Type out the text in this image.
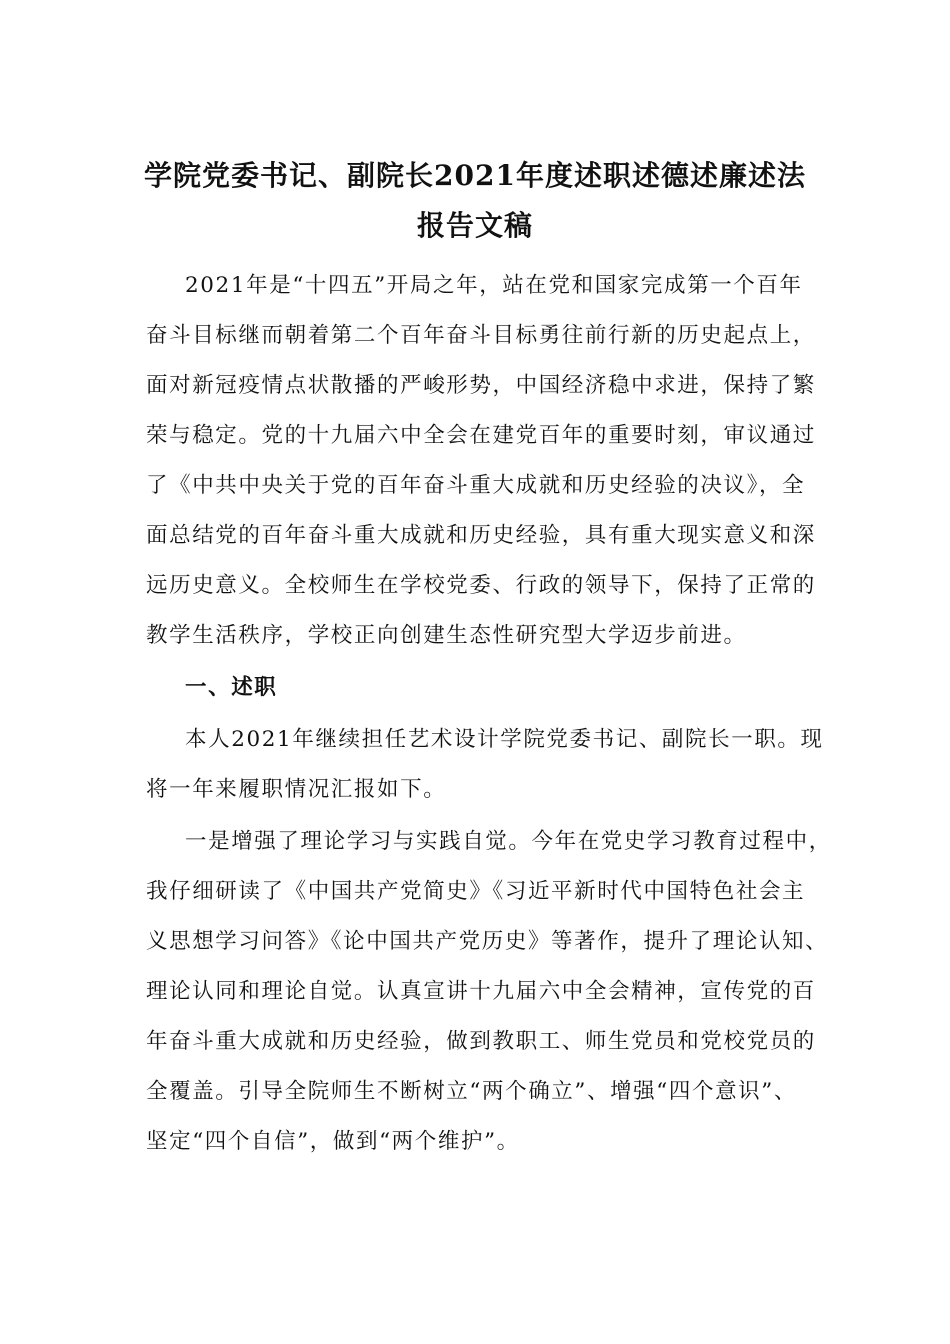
学院党委书记、副院长2021年度述职述德述廉述法
报告文稿
2021年是“十四五”开局之年，站在党和国家完成第一个百年
奋斗目标继而朝着第二个百年奋斗目标勇往前行新的历史起点上，
面对新冠疫情点状散播的严峻形势，中国经济稳中求进，保持了繁
荣与稳定。党的十九届六中全会在建党百年的重要时刻，审议通过
了《中共中央关于党的百年奋斗重大成就和历史经验的决议》，全
面总结党的百年奋斗重大成就和历史经验，具有重大现实意义和深
远历史意义。全校师生在学校党委、行政的领导下，保持了正常的
教学生活秩序，学校正向创建生态性研究型大学迈步前进。
一、述职
本人2021年继续担任艺术设计学院党委书记、副院长一职。现
将一年来履职情况汇报如下。
一是增强了理论学习与实践自觉。今年在党史学习教育过程中，
我仔细研读了《中国共产党简史》《习近平新时代中国特色社会主
义思想学习问答》《论中国共产党历史》等著作，提升了理论认知、
理论认同和理论自觉。认真宣讲十九届六中全会精神，宣传党的百
年奋斗重大成就和历史经验，做到教职工、师生党员和党校党员的
全覆盖。引导全院师生不断树立“两个确立”、增强“四个意识”、
坚定“四个自信”，做到“两个维护”。
